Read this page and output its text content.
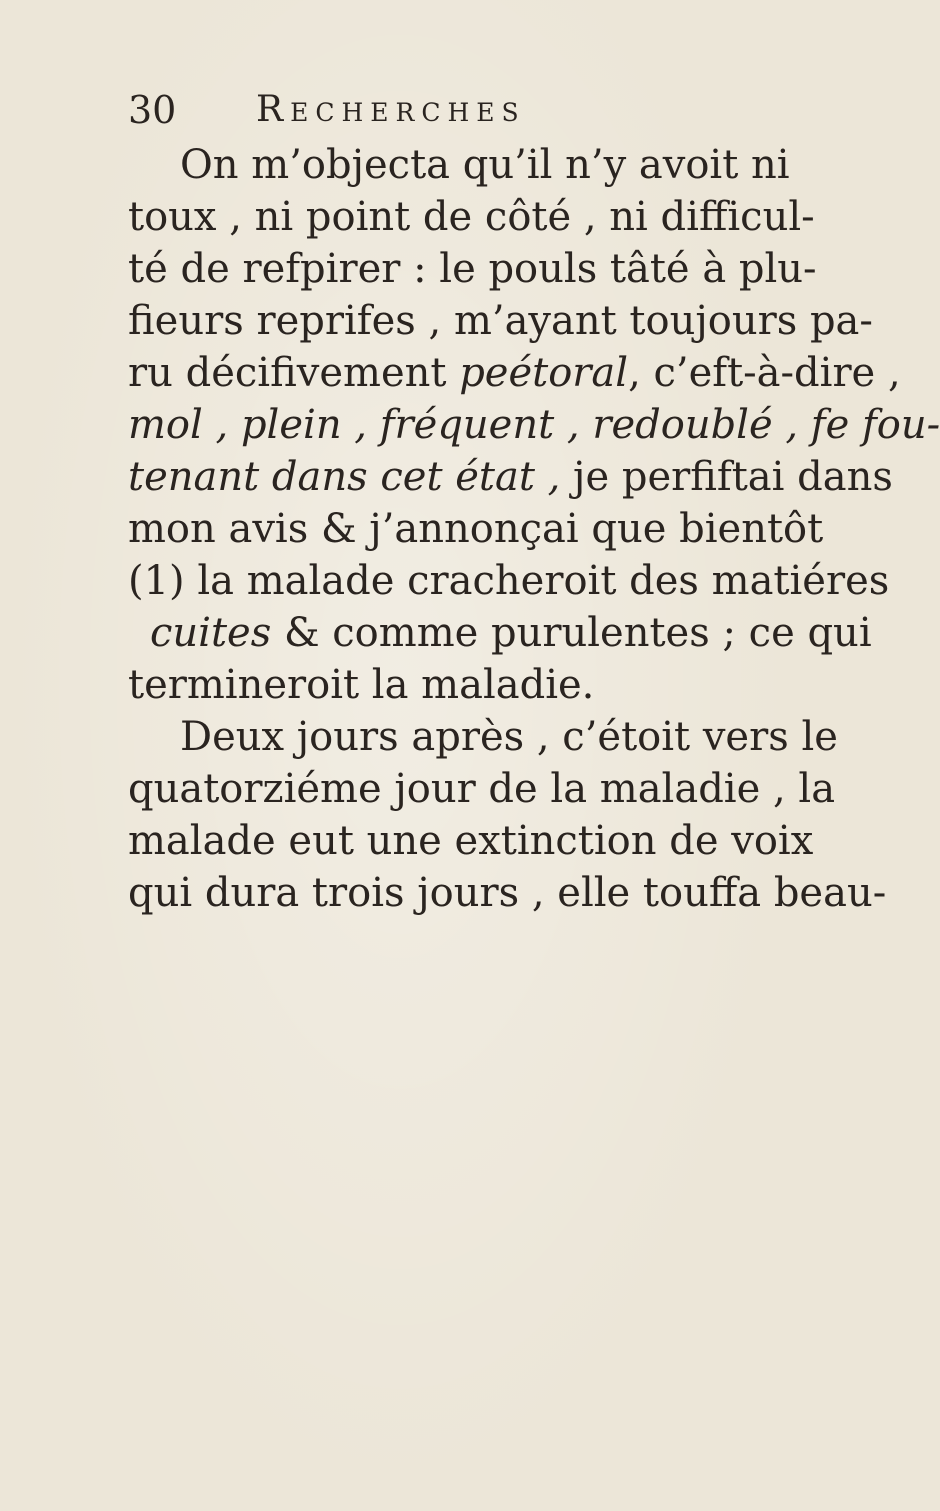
30 Recherches
On m’objecta qu’il n’y avoit ni
toux , ni point de côté , ni difficul-
té de refpirer : le pouls tâté à plu-
fieurs reprifes , m’ayant toujours pa-
ru décifivement peétoral, c’eft-à-dire ,
mol , plein , fréquent , redoublé , fe fou-
tenant dans cet état , je perfiftai dans
mon avis & j’annonçai que bientôt
(1) la malade cracheroit des matiéres
cuites & comme purulentes ; ce qui
termineroit la maladie.
Deux jours après , c’étoit vers le
quatorziéme jour de la maladie , la
malade eut une extinction de voix
qui dura trois jours , elle touffa beau-
